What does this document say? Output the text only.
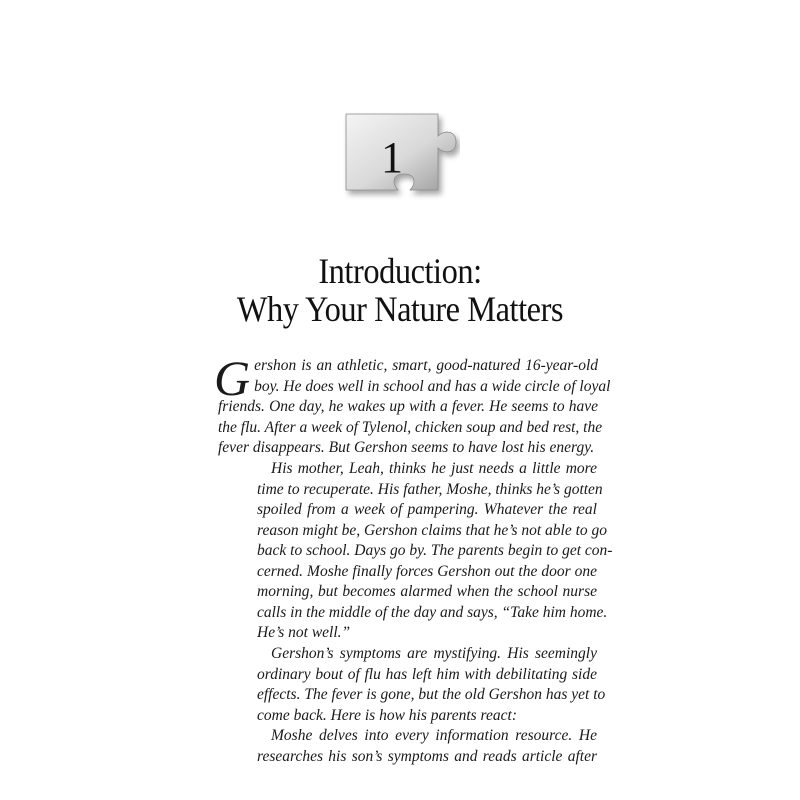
1
Introduction:
Why Your Nature Matters
G ershon is an athletic, smart, good-natured 16-year-old
boy. He does well in school and has a wide circle of loyal
friends. One day, he wakes up with a fever. He seems to have
the flu. After a week of Tylenol, chicken soup and bed rest, the
fever disappears. But Gershon seems to have lost his energy.
His mother, Leah, thinks he just needs a little more
time to recuperate. His father, Moshe, thinks he’s gotten
spoiled from a week of pampering. Whatever the real
reason might be, Gershon claims that he’s not able to go
back to school. Days go by. The parents begin to get con-
cerned. Moshe finally forces Gershon out the door one
morning, but becomes alarmed when the school nurse
calls in the middle of the day and says, “Take him home.
He’s not well.”
Gershon’s symptoms are mystifying. His seemingly
ordinary bout of flu has left him with debilitating side
effects. The fever is gone, but the old Gershon has yet to
come back. Here is how his parents react:
Moshe delves into every information resource. He
researches his son’s symptoms and reads article after
